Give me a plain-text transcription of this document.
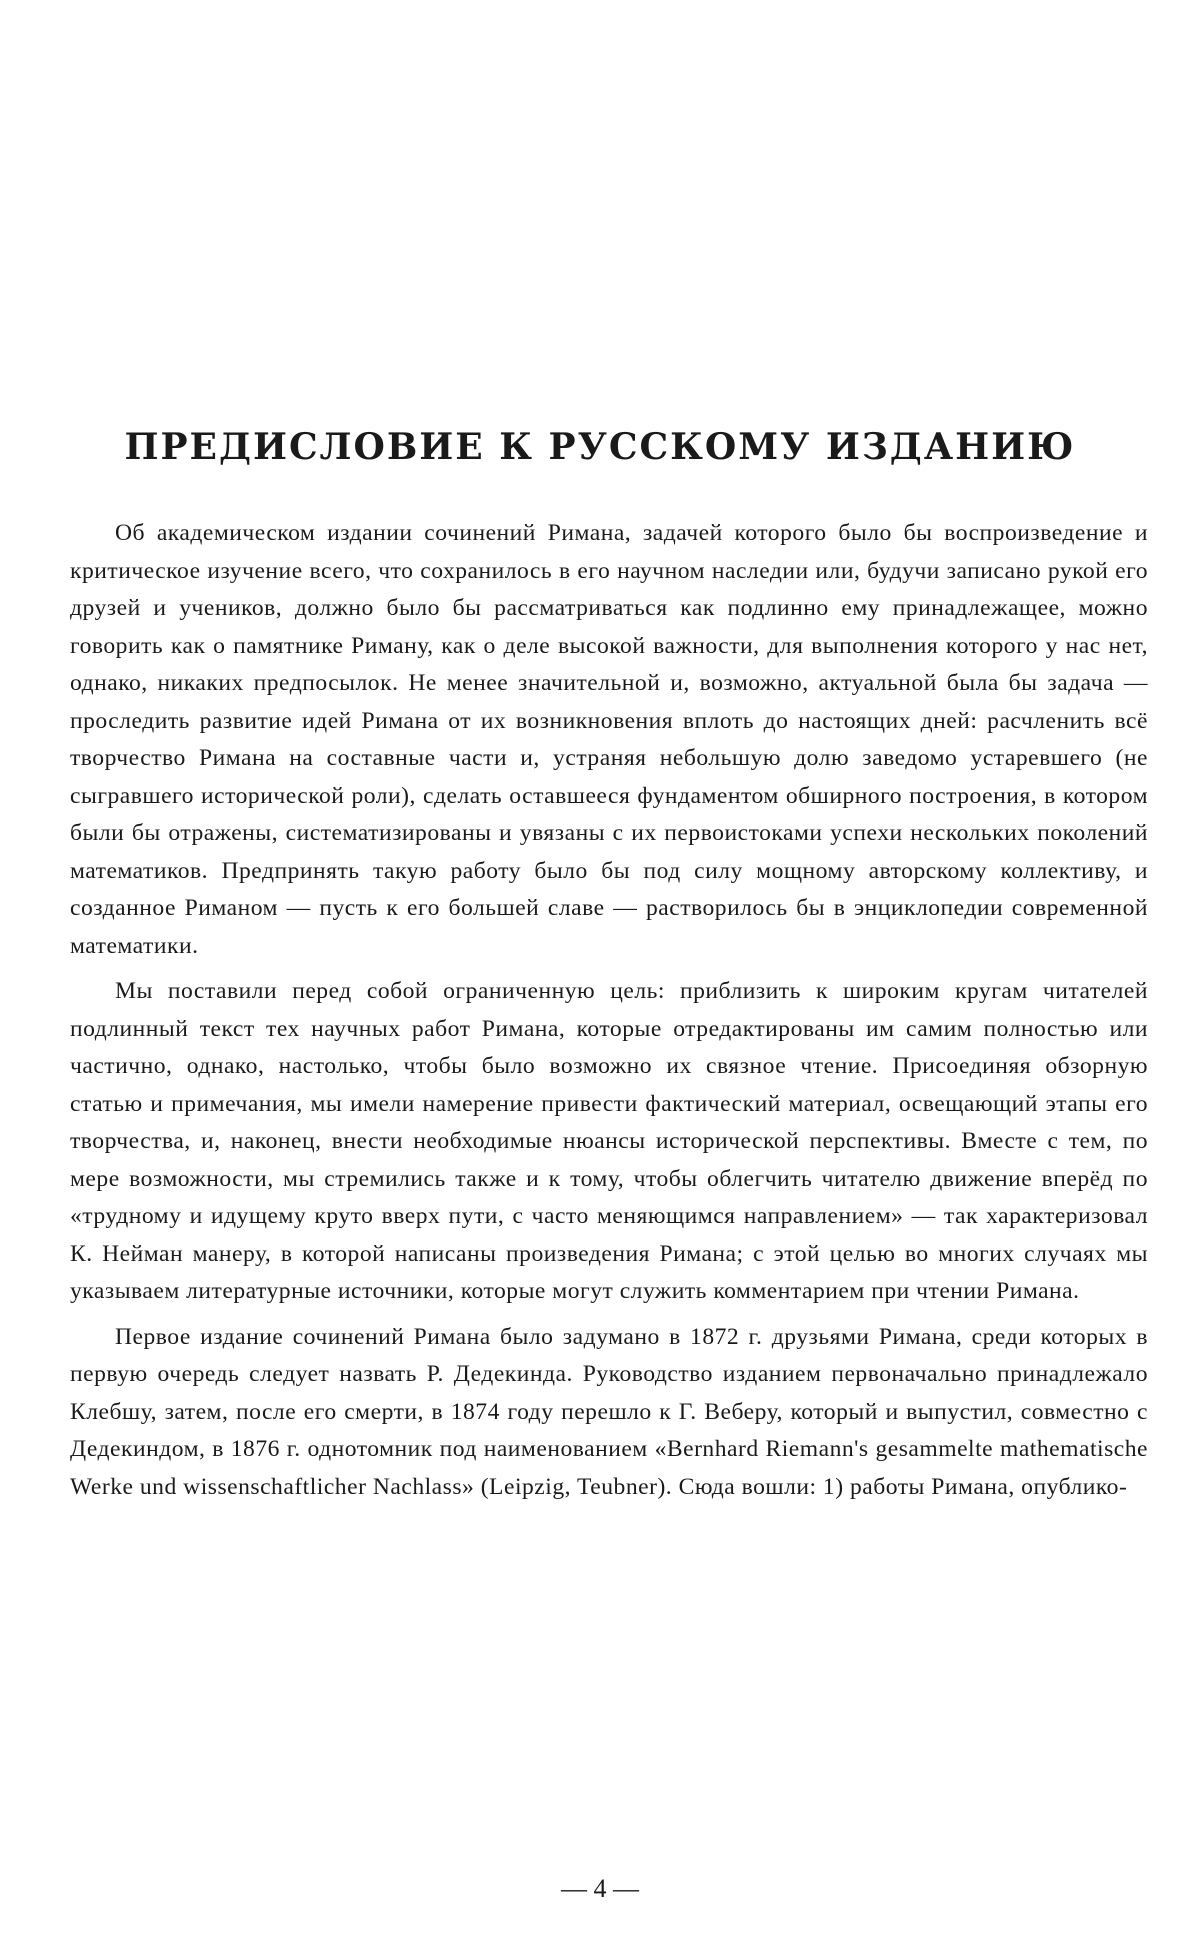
ПРЕДИСЛОВИЕ К РУССКОМУ ИЗДАНИЮ

Об академическом издании сочинений Римана, задачей которого было бы воспроизведение и критическое изучение всего, что сохранилось в его научном наследии или, будучи записано рукой его друзей и учеников, должно было бы рассматриваться как подлинно ему принадлежащее, можно говорить как о памятнике Риману, как о деле высокой важности, для выполнения которого у нас нет, однако, никаких предпосылок. Не менее значительной и, возможно, актуальной была бы задача — проследить развитие идей Римана от их возникновения вплоть до настоящих дней: расчленить всё творчество Римана на составные части и, устраняя небольшую долю заведомо устаревшего (не сыгравшего исторической роли), сделать оставшееся фундаментом обширного построения, в котором были бы отражены, систематизированы и увязаны с их первоистоками успехи нескольких поколений математиков. Предпринять такую работу было бы под силу мощному авторскому коллективу, и созданное Риманом — пусть к его большей славе — растворилось бы в энциклопедии современной математики.

Мы поставили перед собой ограниченную цель: приблизить к широким кругам читателей подлинный текст тех научных работ Римана, которые отредактированы им самим полностью или частично, однако, настолько, чтобы было возможно их связное чтение. Присоединяя обзорную статью и примечания, мы имели намерение привести фактический материал, освещающий этапы его творчества, и, наконец, внести необходимые нюансы исторической перспективы. Вместе с тем, по мере возможности, мы стремились также и к тому, чтобы облегчить читателю движение вперёд по «трудному и идущему круто вверх пути, с часто меняющимся направлением» — так характеризовал К. Нейман манеру, в которой написаны произведения Римана; с этой целью во многих случаях мы указываем литературные источники, которые могут служить комментарием при чтении Римана.

Первое издание сочинений Римана было задумано в 1872 г. друзьями Римана, среди которых в первую очередь следует назвать Р. Дедекинда. Руководство изданием первоначально принадлежало Клебшу, затем, после его смерти, в 1874 году перешло к Г. Веберу, который и выпустил, совместно с Дедекиндом, в 1876 г. однотомник под наименованием «Bernhard Riemann's gesammelte mathematische Werke und wissenschaftlicher Nachlass» (Leipzig, Teubner). Сюда вошли: 1) работы Римана, опублико-

— 4 —
